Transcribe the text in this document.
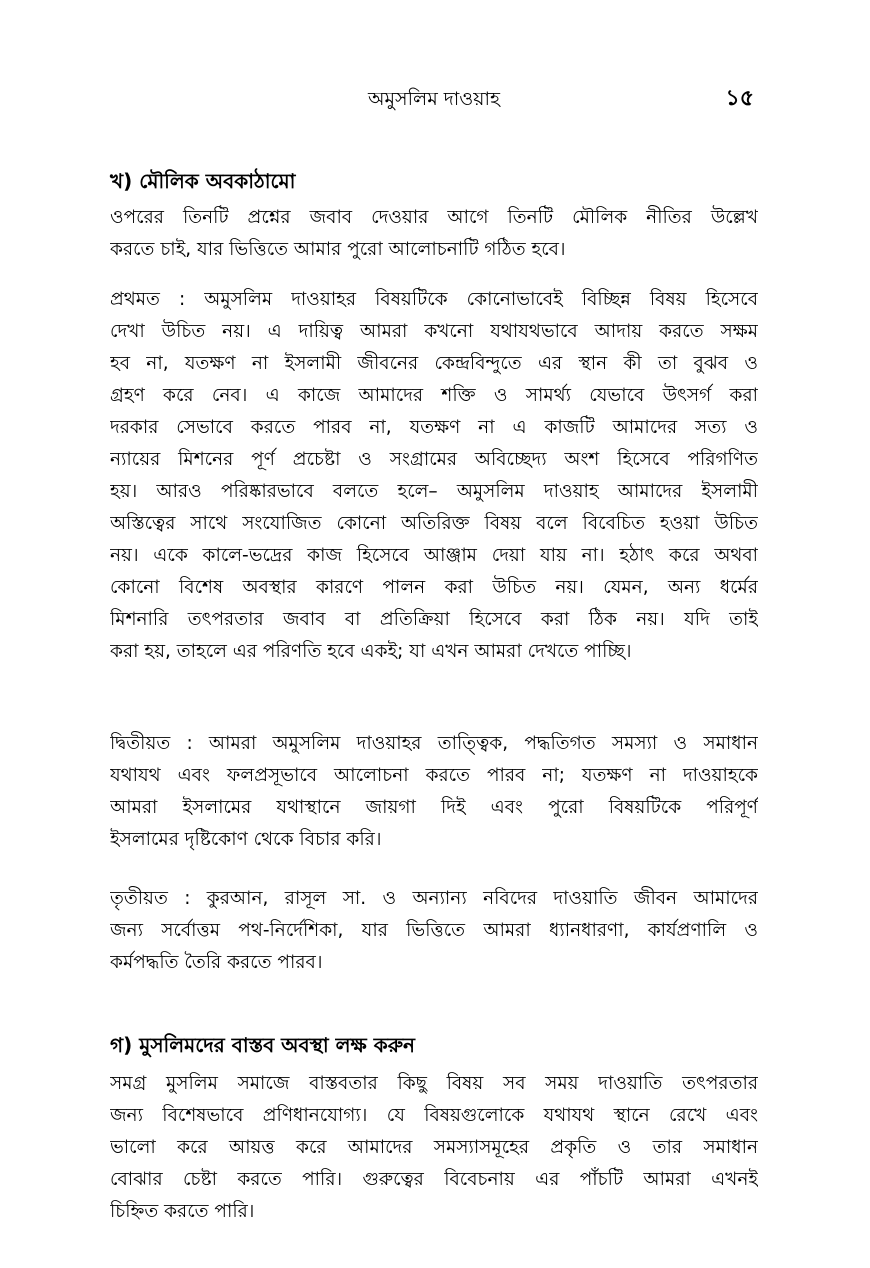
অমুসলিম দাওয়াহ	১৫
খ) মৌলিক অবকাঠামো
ওপরের তিনটি প্রশ্নের জবাব দেওয়ার আগে তিনটি মৌলিক নীতির উল্লেখ
করতে চাই, যার ভিত্তিতে আমার পুরো আলোচনাটি গঠিত হবে।
প্রথমত : অমুসলিম দাওয়াহর বিষয়টিকে কোনোভাবেই বিচ্ছিন্ন বিষয় হিসেবে
দেখা উচিত নয়। এ দায়িত্ব আমরা কখনো যথাযথভাবে আদায় করতে সক্ষম
হব না, যতক্ষণ না ইসলামী জীবনের কেন্দ্রবিন্দুতে এর স্থান কী তা বুঝব ও
গ্রহণ করে নেব। এ কাজে আমাদের শক্তি ও সামর্থ্য যেভাবে উৎসর্গ করা
দরকার সেভাবে করতে পারব না, যতক্ষণ না এ কাজটি আমাদের সত্য ও
ন্যায়ের মিশনের পূর্ণ প্রচেষ্টা ও সংগ্রামের অবিচ্ছেদ্য অংশ হিসেবে পরিগণিত
হয়। আরও পরিষ্কারভাবে বলতে হলে– অমুসলিম দাওয়াহ আমাদের ইসলামী
অস্তিত্বের সাথে সংযোজিত কোনো অতিরিক্ত বিষয় বলে বিবেচিত হওয়া উচিত
নয়। একে কালে-ভদ্রের কাজ হিসেবে আঞ্জাম দেয়া যায় না। হঠাৎ করে অথবা
কোনো বিশেষ অবস্থার কারণে পালন করা উচিত নয়। যেমন, অন্য ধর্মের
মিশনারি তৎপরতার জবাব বা প্রতিক্রিয়া হিসেবে করা ঠিক নয়। যদি তাই
করা হয়, তাহলে এর পরিণতি হবে একই; যা এখন আমরা দেখতে পাচ্ছি।
দ্বিতীয়ত : আমরা অমুসলিম দাওয়াহর তাত্ত্বিক, পদ্ধতিগত সমস্যা ও সমাধান
যথাযথ এবং ফলপ্রসূভাবে আলোচনা করতে পারব না; যতক্ষণ না দাওয়াহকে
আমরা ইসলামের যথাস্থানে জায়গা দিই এবং পুরো বিষয়টিকে পরিপূর্ণ
ইসলামের দৃষ্টিকোণ থেকে বিচার করি।
তৃতীয়ত : কুরআন, রাসূল সা. ও অন্যান্য নবিদের দাওয়াতি জীবন আমাদের
জন্য সর্বোত্তম পথ-নির্দেশিকা, যার ভিত্তিতে আমরা ধ্যানধারণা, কার্যপ্রণালি ও
কর্মপদ্ধতি তৈরি করতে পারব।
গ) মুসলিমদের বাস্তব অবস্থা লক্ষ করুন
সমগ্র মুসলিম সমাজে বাস্তবতার কিছু বিষয় সব সময় দাওয়াতি তৎপরতার
জন্য বিশেষভাবে প্রণিধানযোগ্য। যে বিষয়গুলোকে যথাযথ স্থানে রেখে এবং
ভালো করে আয়ত্ত করে আমাদের সমস্যাসমূহের প্রকৃতি ও তার সমাধান
বোঝার চেষ্টা করতে পারি। গুরুত্বের বিবেচনায় এর পাঁচটি আমরা এখনই
চিহ্নিত করতে পারি।
